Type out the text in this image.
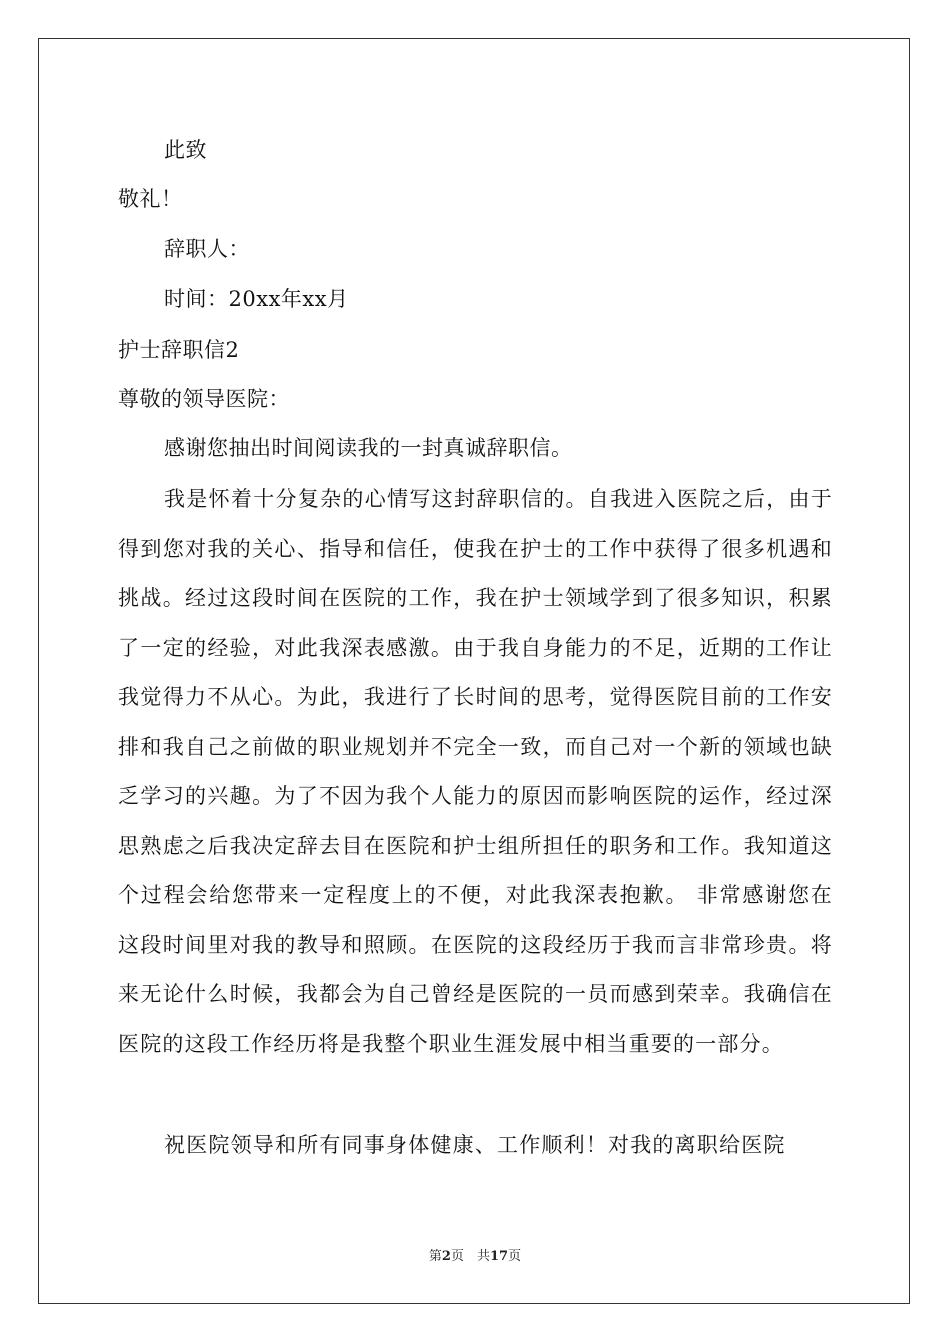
此致
敬礼！
辞职人：
时间：20xx年xx月
护士辞职信2
尊敬的领导医院：
感谢您抽出时间阅读我的一封真诚辞职信。
我是怀着十分复杂的心情写这封辞职信的。自我进入医院之后，由于得到您对我的关心、指导和信任，使我在护士的工作中获得了很多机遇和挑战。经过这段时间在医院的工作，我在护士领域学到了很多知识，积累了一定的经验，对此我深表感激。由于我自身能力的不足，近期的工作让我觉得力不从心。为此，我进行了长时间的思考，觉得医院目前的工作安排和我自己之前做的职业规划并不完全一致，而自己对一个新的领域也缺乏学习的兴趣。为了不因为我个人能力的原因而影响医院的运作，经过深思熟虑之后我决定辞去目在医院和护士组所担任的职务和工作。我知道这个过程会给您带来一定程度上的不便，对此我深表抱歉。 非常感谢您在这段时间里对我的教导和照顾。在医院的这段经历于我而言非常珍贵。将来无论什么时候，我都会为自己曾经是医院的一员而感到荣幸。我确信在医院的这段工作经历将是我整个职业生涯发展中相当重要的一部分。
祝医院领导和所有同事身体健康、工作顺利！对我的离职给医院
第2页　共17页
